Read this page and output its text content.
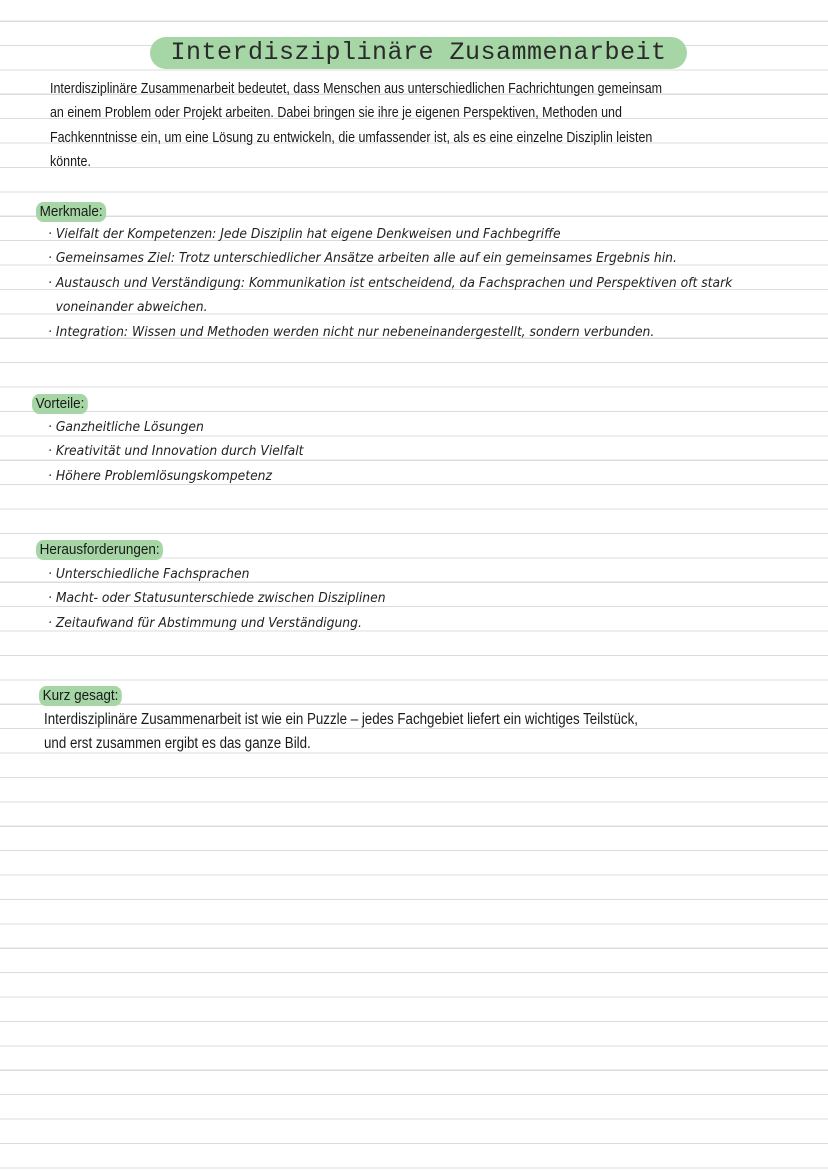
Interdisziplinäre Zusammenarbeit
Interdisziplinäre Zusammenarbeit bedeutet, dass Menschen aus unterschiedlichen Fachrichtungen gemeinsam
an einem Problem oder Projekt arbeiten. Dabei bringen sie ihre je eigenen Perspektiven, Methoden und
Fachkenntnisse ein, um eine Lösung zu entwickeln, die umfassender ist, als es eine einzelne Disziplin leisten
könnte.
Merkmale:
· Vielfalt der Kompetenzen: Jede Disziplin hat eigene Denkweisen und Fachbegriffe
· Gemeinsames Ziel: Trotz unterschiedlicher Ansätze arbeiten alle auf ein gemeinsames Ergebnis hin.
· Austausch und Verständigung: Kommunikation ist entscheidend, da Fachsprachen und Perspektiven oft stark
voneinander abweichen.
· Integration: Wissen und Methoden werden nicht nur nebeneinandergestellt, sondern verbunden.
Vorteile:
· Ganzheitliche Lösungen
· Kreativität und Innovation durch Vielfalt
· Höhere Problemlösungskompetenz
Herausforderungen:
· Unterschiedliche Fachsprachen
· Macht- oder Statusunterschiede zwischen Disziplinen
· Zeitaufwand für Abstimmung und Verständigung.
Kurz gesagt:
Interdisziplinäre Zusammenarbeit ist wie ein Puzzle – jedes Fachgebiet liefert ein wichtiges Teilstück,
und erst zusammen ergibt es das ganze Bild.
